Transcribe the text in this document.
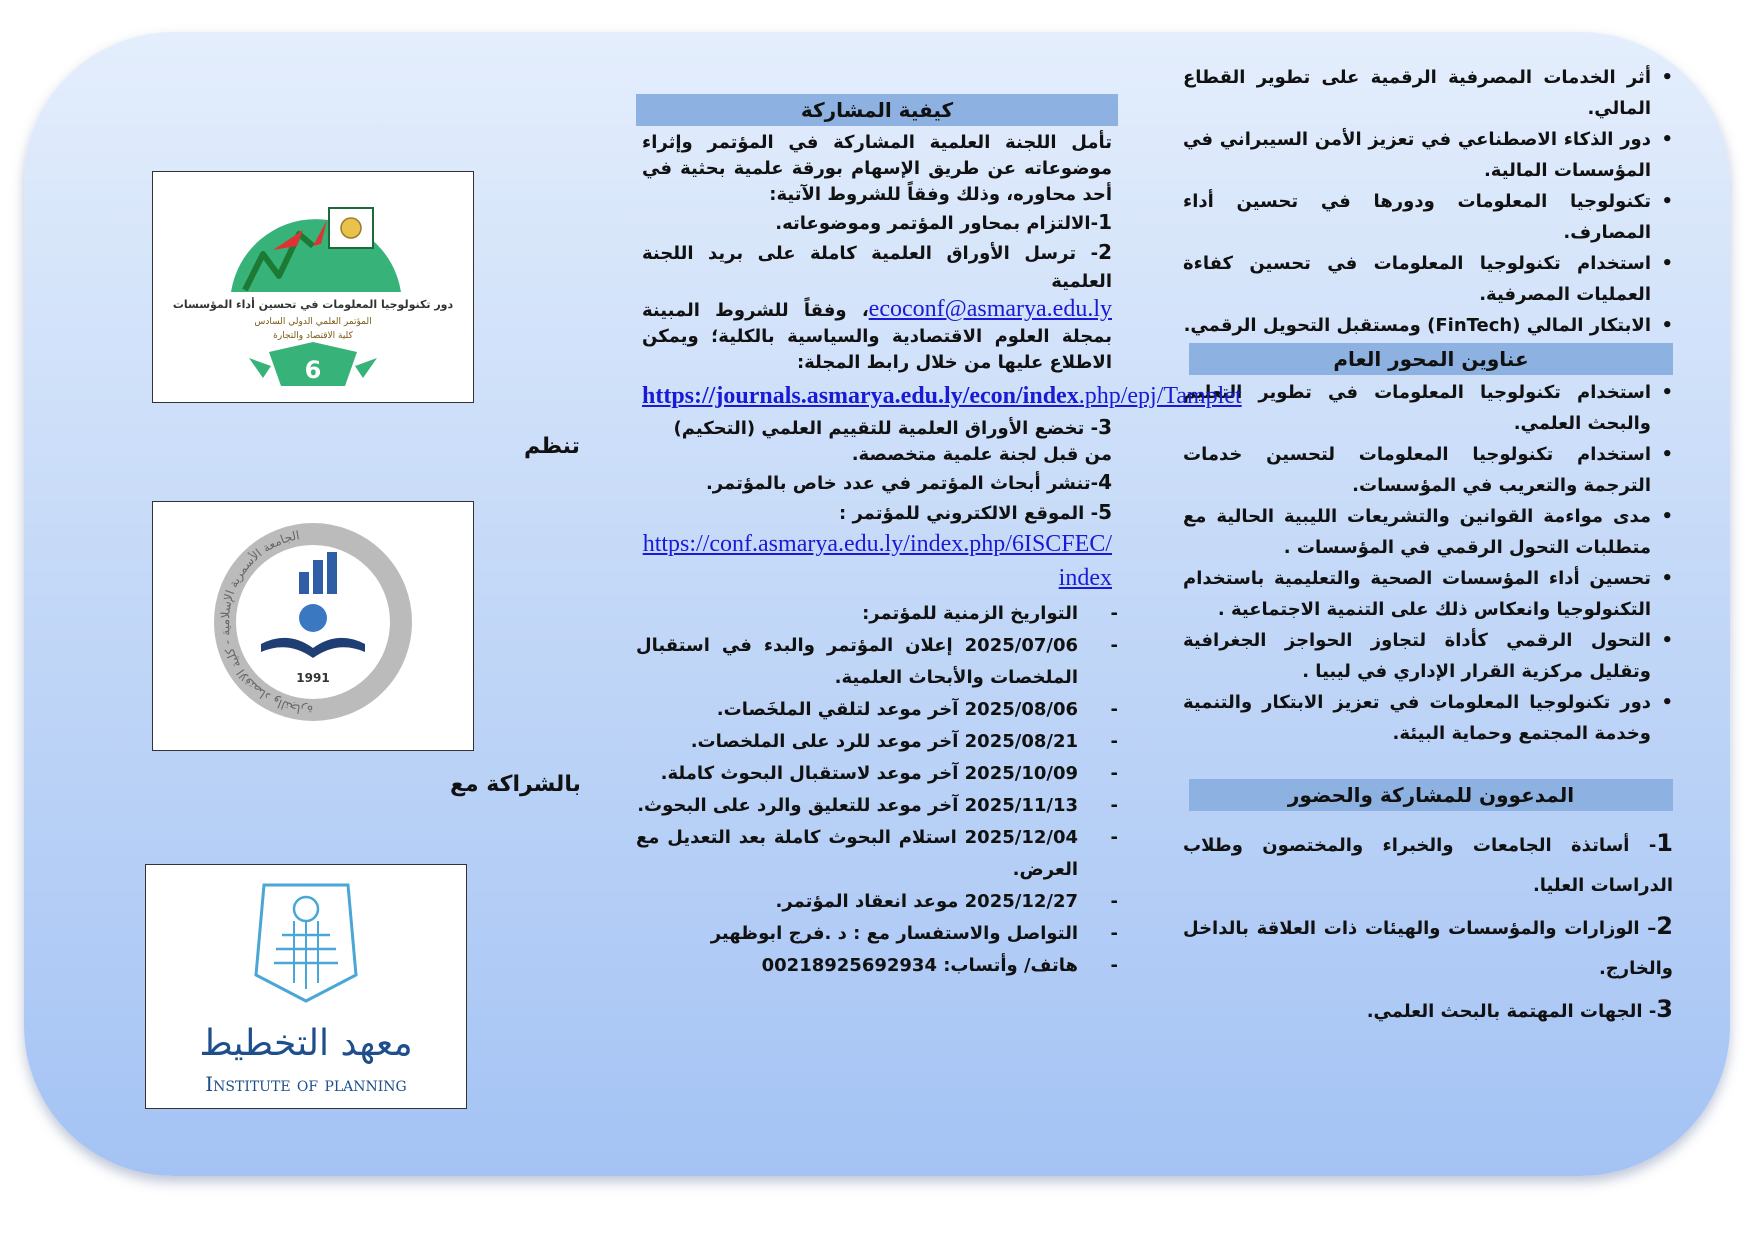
• أثر الخدمات المصرفية الرقمية على تطوير القطاع المالي.
• دور الذكاء الاصطناعي في تعزيز الأمن السيبراني في المؤسسات المالية.
• تكنولوجيا المعلومات ودورها في تحسين أداء المصارف.
• استخدام تكنولوجيا المعلومات في تحسين كفاءة العمليات المصرفية.
• الابتكار المالي (FinTech) ومستقبل التحويل الرقمي.
عناوين المحور العام
• استخدام تكنولوجيا المعلومات في تطوير التعليم والبحث العلمي.
• استخدام تكنولوجيا المعلومات لتحسين خدمات الترجمة والتعريب في المؤسسات.
• مدى مواءمة القوانين والتشريعات الليبية الحالية مع متطلبات التحول الرقمي في المؤسسات .
• تحسين أداء المؤسسات الصحية والتعليمية باستخدام التكنولوجيا وانعكاس ذلك على التنمية الاجتماعية .
• التحول الرقمي كأداة لتجاوز الحواجز الجغرافية وتقليل مركزية القرار الإداري في ليبيا .
• دور تكنولوجيا المعلومات في تعزيز الابتكار والتنمية وخدمة المجتمع وحماية البيئة.
المدعوون للمشاركة والحضور

1- أساتذة الجامعات والخبراء والمختصون وطلاب الدراسات العليا.

2– الوزارات والمؤسسات والهيئات ذات العلاقة بالداخل والخارج.

3- الجهات المهتمة بالبحث العلمي.

كيفية المشاركة
تأمل اللجنة العلمية المشاركة في المؤتمر وإثراء موضوعاته عن طريق الإسهام بورقة علمية بحثية في أحد محاوره، وذلك وفقاً للشروط الآتية:
1-الالتزام بمحاور المؤتمر وموضوعاته.
2- ترسل الأوراق العلمية كاملة على بريد اللجنة العلمية
ecoconf@asmarya.edu.ly، وفقاً للشروط المبينة بمجلة العلوم الاقتصادية والسياسية بالكلية؛ ويمكن الاطلاع عليها من خلال رابط المجلة:
https://journals.asmarya.edu.ly/econ/index.php/epj/Tamplet
3- تخضع الأوراق العلمية للتقييم العلمي (التحكيم) من قبل لجنة علمية متخصصة.
4-تنشر أبحاث المؤتمر في عدد خاص بالمؤتمر.
5- الموقع الالكتروني للمؤتمر :
https://conf.asmarya.edu.ly/index.php/6ISCFEC/index
- التواريخ الزمنية للمؤتمر:
- 2025/07/06 إعلان المؤتمر والبدء في استقبال الملخصات والأبحاث العلمية.
- 2025/08/06 آخر موعد لتلقي الملخَصات.
- 2025/08/21 آخر موعد للرد على الملخصات.
- 2025/10/09 آخر موعد لاستقبال البحوث كاملة.
- 2025/11/13 آخر موعد للتعليق والرد على البحوث.
- 2025/12/04 استلام البحوث كاملة بعد التعديل مع العرض.
- 2025/12/27 موعد انعقاد المؤتمر.
- التواصل والاستفسار مع : د .فرج ابوظهير
- هاتف/ وأتساب: 00218925692934
تنظم
بالشراكة مع
دور تكنولوجيا المعلومات في تحسين أداء المؤسسات
المؤتمر العلمي الدولي السادس
كلية الاقتصاد والتجارة
6
الجامعة الأسمرية الإسلامية - كلية الاقتصاد والتجارة
1991
معهد التخطيط
Institute of planning
